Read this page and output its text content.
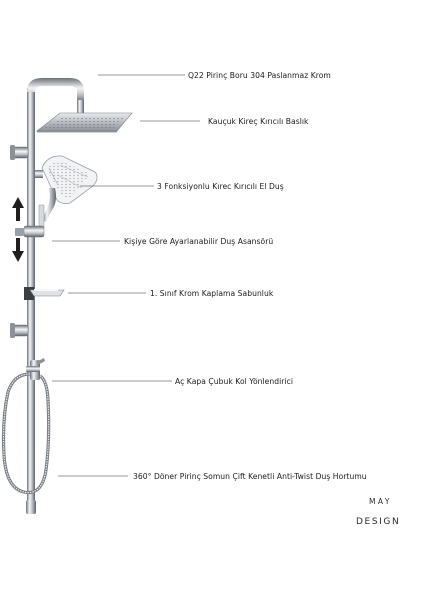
Q22 Pirinç Boru 304 Paslanmaz Krom
Kauçuk Kireç Kırıcılı Baslık
3 Fonksiyonlu Kırec Kırıcılı El Duş
Kişiye Göre Ayarlanabilir Duş Asansörü
1. Sınıf Krom Kaplama Sabunluk
Aç Kapa Çubuk Kol Yönlendirici
360° Döner Pirinç Somun Çift Kenetli Anti-Twist Duş Hortumu
MAY
DESIGN
